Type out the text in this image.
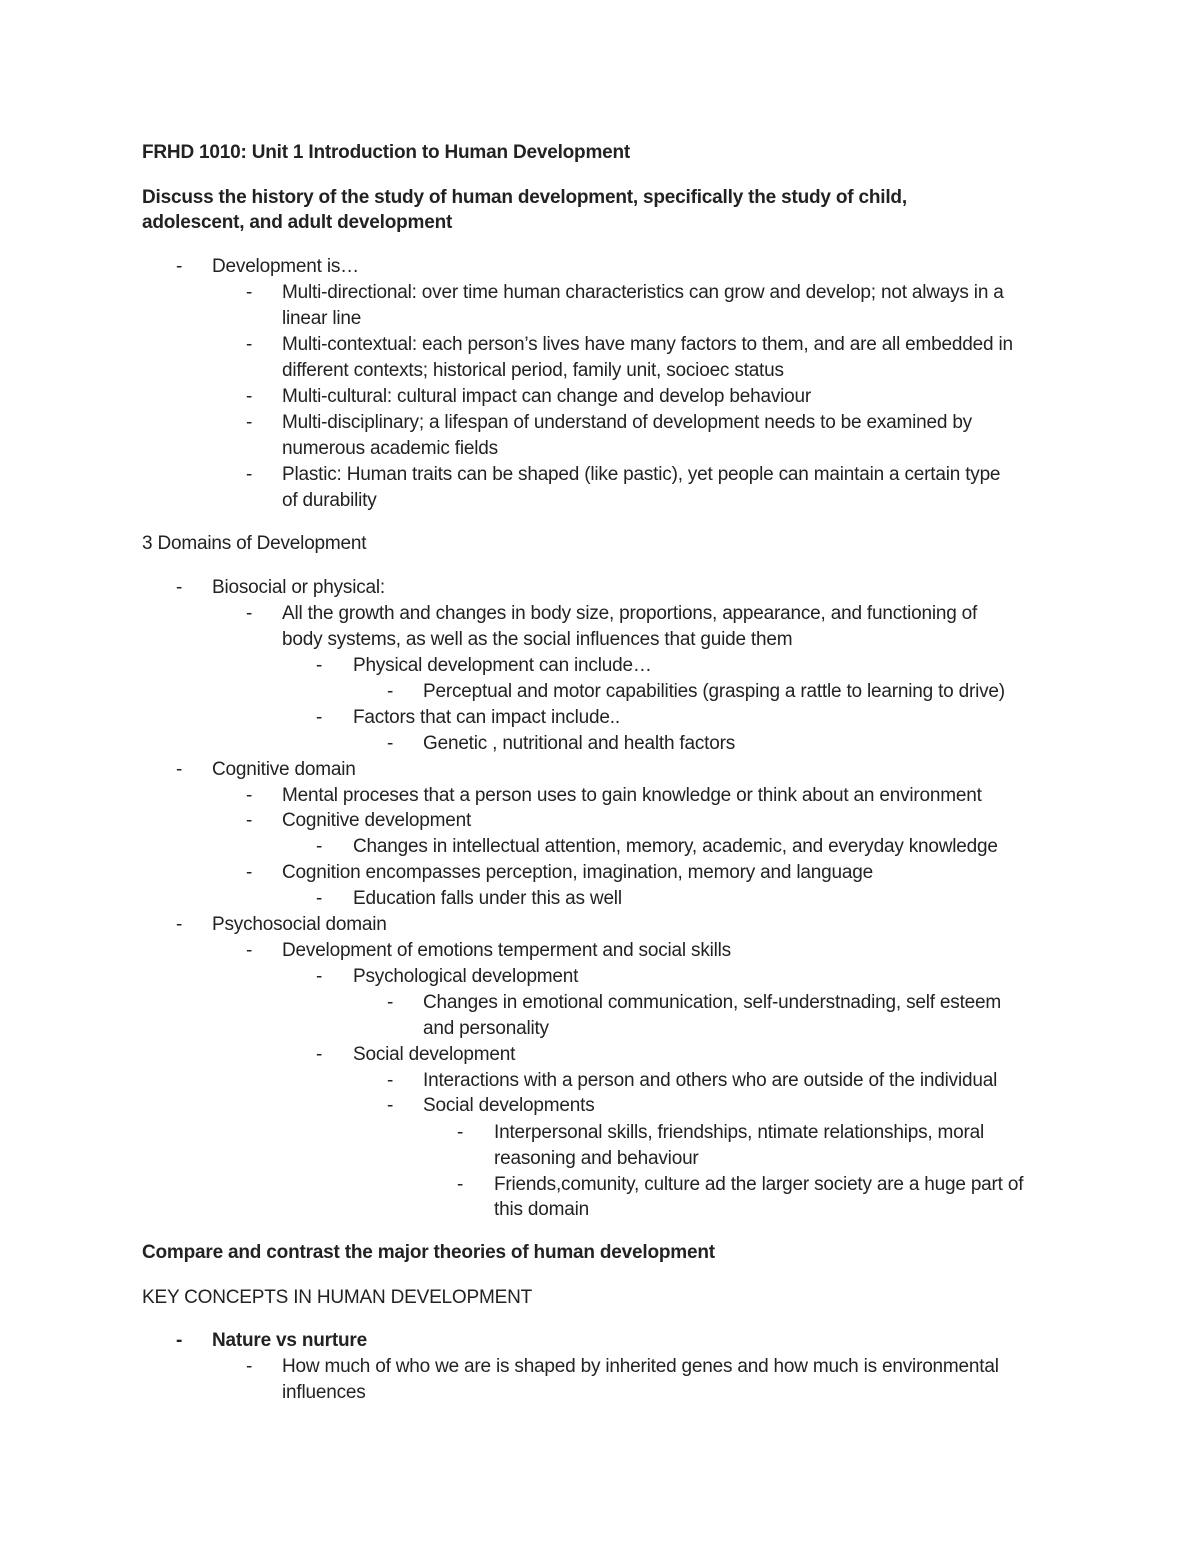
FRHD 1010: Unit 1 Introduction to Human Development
Discuss the history of the study of human development, specifically the study of child,
adolescent, and adult development
-	Development is…
-	Multi-directional: over time human characteristics can grow and develop; not always in a
linear line
-	Multi-contextual: each person’s lives have many factors to them, and are all embedded in
different contexts; historical period, family unit, socioec status
-	Multi-cultural: cultural impact can change and develop behaviour
-	Multi-disciplinary; a lifespan of understand of development needs to be examined by
numerous academic fields
-	Plastic: Human traits can be shaped (like pastic), yet people can maintain a certain type
of durability
3 Domains of Development
-	Biosocial or physical:
-	All the growth and changes in body size, proportions, appearance, and functioning of
body systems, as well as the social influences that guide them
-	Physical development can include…
-	Perceptual and motor capabilities (grasping a rattle to learning to drive)
-	Factors that can impact include..
-	Genetic , nutritional and health factors
-	Cognitive domain
-	Mental proceses that a person uses to gain knowledge or think about an environment
-	Cognitive development
-	Changes in intellectual attention, memory, academic, and everyday knowledge
-	Cognition encompasses perception, imagination, memory and language
-	Education falls under this as well
-	Psychosocial domain
-	Development of emotions temperment and social skills
-	Psychological development
-	Changes in emotional communication, self-understnading, self esteem
and personality
-	Social development
-	Interactions with a person and others who are outside of the individual
-	Social developments
-	Interpersonal skills, friendships, ntimate relationships, moral
reasoning and behaviour
-	Friends,comunity, culture ad the larger society are a huge part of
this domain
Compare and contrast the major theories of human development
KEY CONCEPTS IN HUMAN DEVELOPMENT
-	Nature vs nurture
-	How much of who we are is shaped by inherited genes and how much is environmental
influences
